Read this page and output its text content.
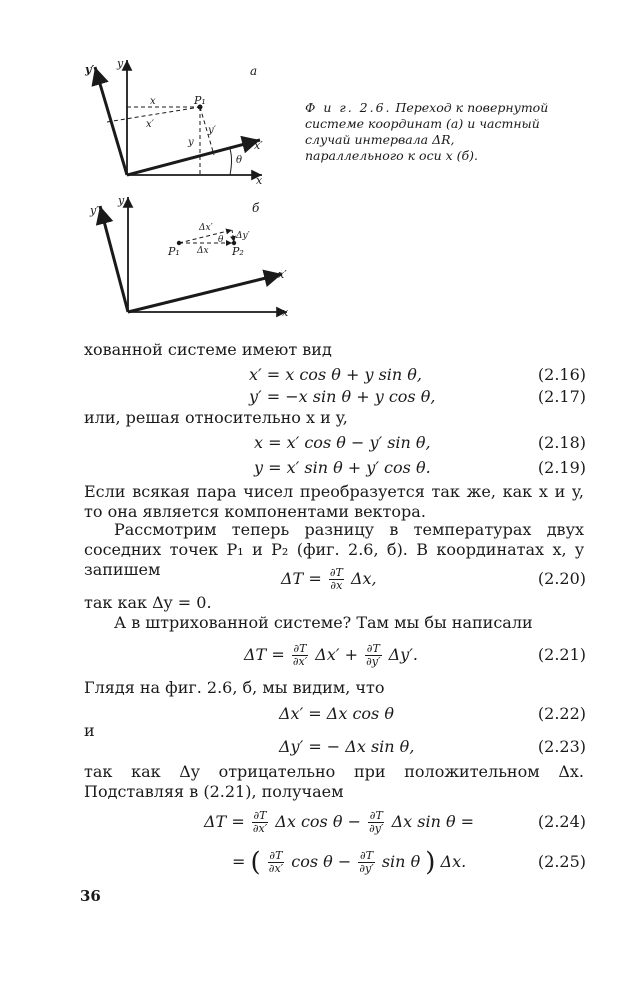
y
y′
x
x′
P₁
x
x′
y
y′
θ
a
y
y′
x
x′
P₁	P₂
Δx
Δx′
Δy′
θ
б
Ф и г. 2.6. Переход к повернутой системе координат (a) и частный случай интервала ΔR, параллельного к оси x (б).
хованной системе имеют вид
x′ = x cos θ + y sin θ,	(2.16)
y′ = −x sin θ + y cos θ,	(2.17)
или, решая относительно x и y,
x = x′ cos θ − y′ sin θ,	(2.18)
y = x′ sin θ + y′ cos θ.	(2.19)
Если всякая пара чисел преобразуется так же, как x и y, то она является компонентами вектора.
Рассмотрим теперь разницу в температурах двух соседних точек P₁ и P₂ (фиг. 2.6, б). В координатах x, y запишем	$\Delta T = \frac{\partial T}{\partial x} \Delta x$,	(2.20)
так как Δy = 0.
А в штрихованной системе? Там мы бы написали
$\Delta T = \frac{\partial T}{\partial x'} \Delta x' + \frac{\partial T}{\partial y'} \Delta y'$.	(2.21)
Глядя на фиг. 2.6, б, мы видим, что
Δx′ = Δx cos θ	(2.22)
и
Δy′ = − Δx sin θ,	(2.23)
так как Δy отрицательно при положительном Δx. Подставляя в (2.21), получаем
$\Delta T = \frac{\partial T}{\partial x'}$ Δx $\cos \theta - \frac{\partial T}{\partial y'}$ Δx sin θ =	(2.24)
= ( $\frac{\partial T}{\partial x'}$ $\cos \theta - \frac{\partial T}{\partial y'}$ sin θ ) Δx.	(2.25)
36
